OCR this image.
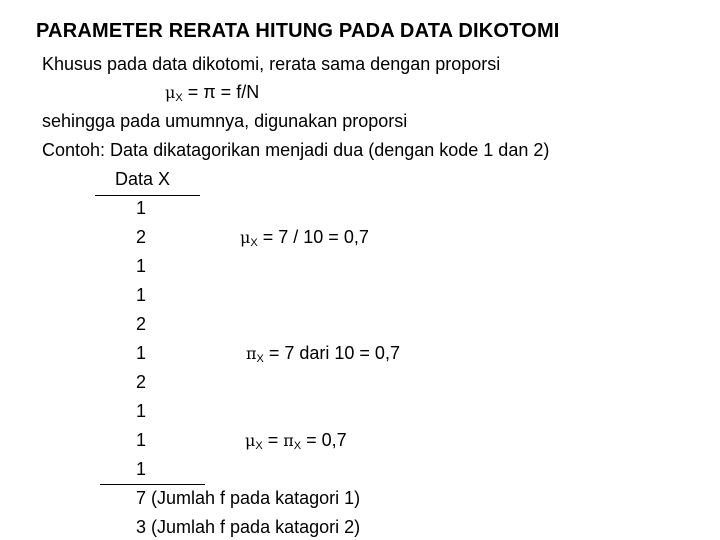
PARAMETER RERATA HITUNG PADA DATA DIKOTOMI
Khusus pada data dikotomi, rerata sama dengan proporsi
μX = π = f/N
sehingga pada umumnya, digunakan proporsi
Contoh: Data dikatagorikan menjadi dua (dengan kode 1 dan 2)
Data X
1
2
1
1
2
1
2
1
1
1
μX = 7 / 10 = 0,7
πX = 7 dari 10 = 0,7
μX = πX = 0,7
7 (Jumlah f pada katagori 1)
3 (Jumlah f pada katagori 2)
